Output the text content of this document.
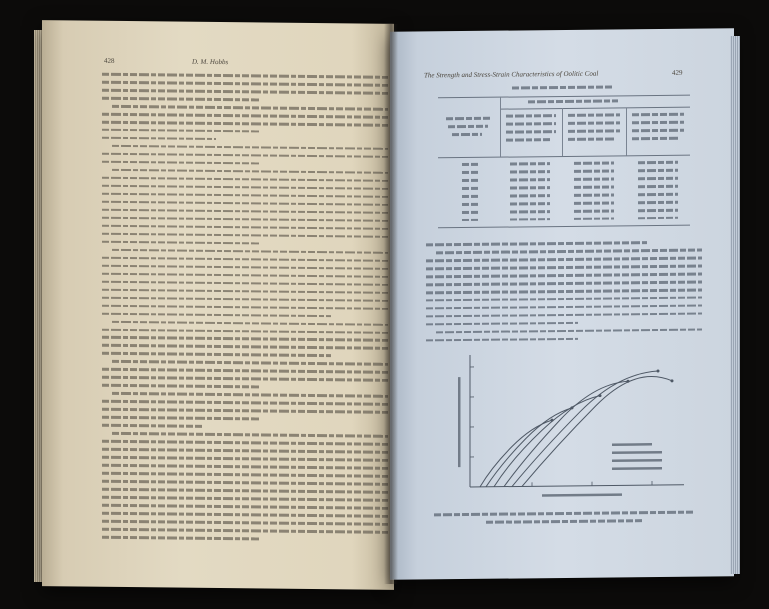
428	D. M. Hobbs
The Strength and Stress-Strain Characteristics of Oolitic Coal	429
